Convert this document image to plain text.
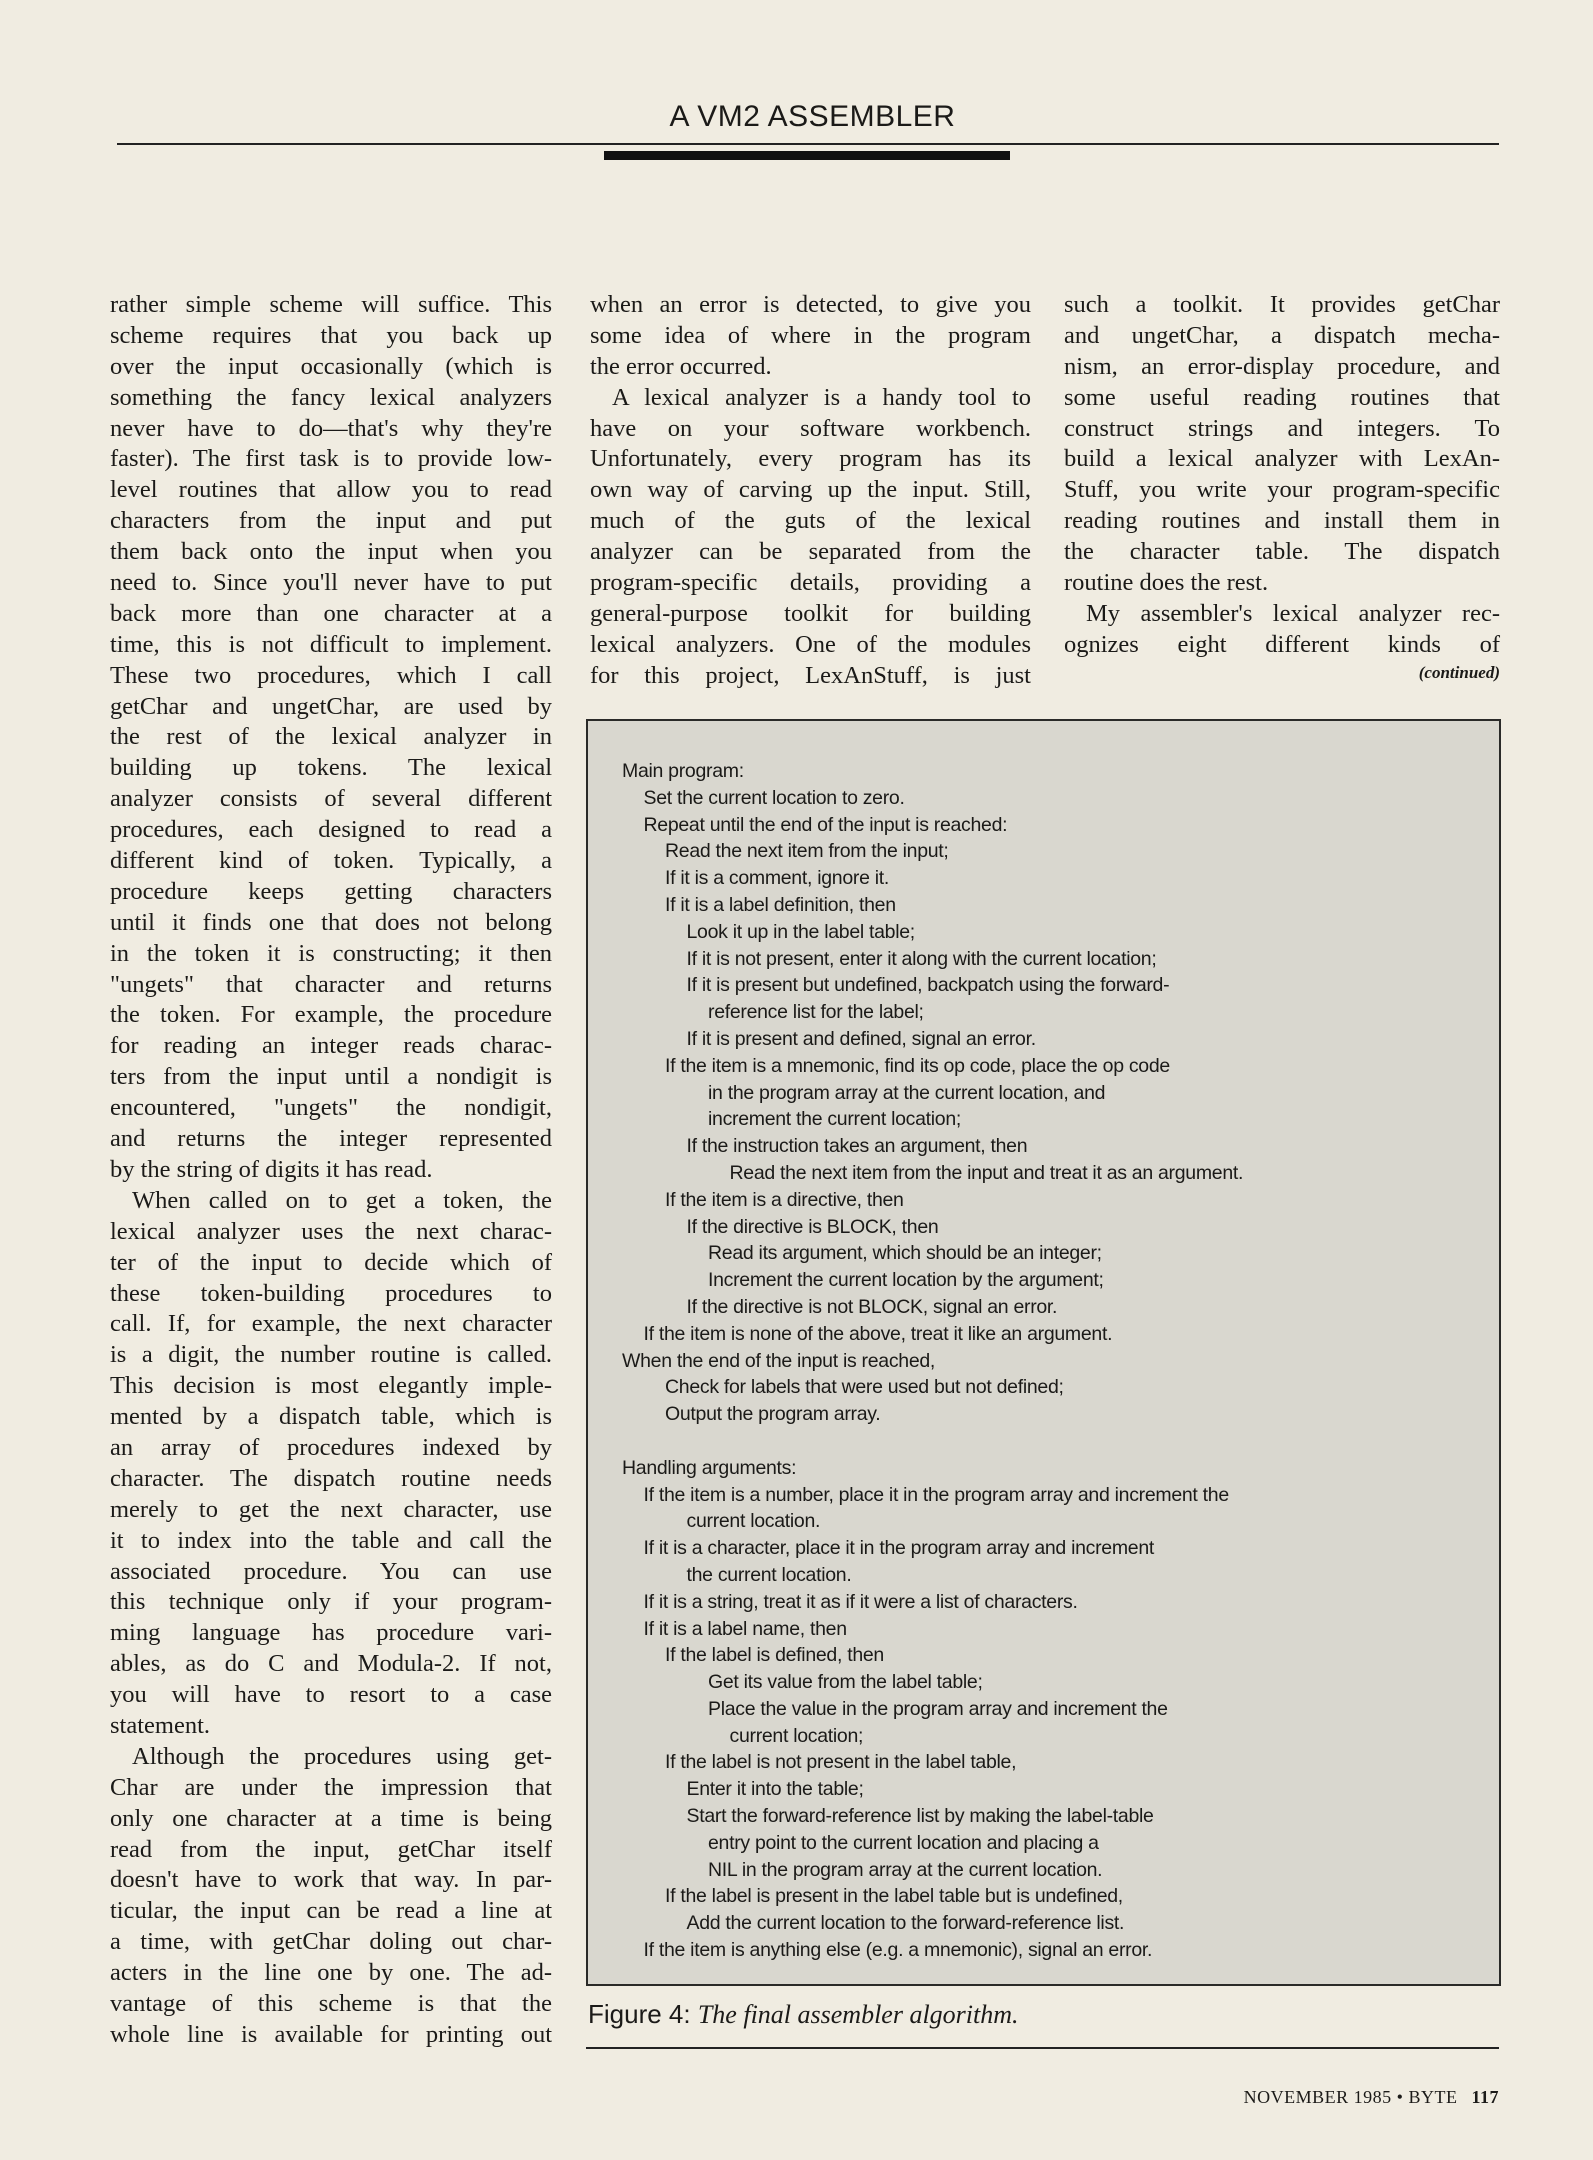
A VM2 ASSEMBLER
rather simple scheme will suffice. This
scheme requires that you back up
over the input occasionally (which is
something the fancy lexical analyzers
never have to do—that's why they're
faster). The first task is to provide low-
level routines that allow you to read
characters from the input and put
them back onto the input when you
need to. Since you'll never have to put
back more than one character at a
time, this is not difficult to implement.
These two procedures, which I call
getChar and ungetChar, are used by
the rest of the lexical analyzer in
building up tokens. The lexical
analyzer consists of several different
procedures, each designed to read a
different kind of token. Typically, a
procedure keeps getting characters
until it finds one that does not belong
in the token it is constructing; it then
"ungets" that character and returns
the token. For example, the procedure
for reading an integer reads charac-
ters from the input until a nondigit is
encountered, "ungets" the nondigit,
and returns the integer represented
by the string of digits it has read.
When called on to get a token, the
lexical analyzer uses the next charac-
ter of the input to decide which of
these token-building procedures to
call. If, for example, the next character
is a digit, the number routine is called.
This decision is most elegantly imple-
mented by a dispatch table, which is
an array of procedures indexed by
character. The dispatch routine needs
merely to get the next character, use
it to index into the table and call the
associated procedure. You can use
this technique only if your program-
ming language has procedure vari-
ables, as do C and Modula-2. If not,
you will have to resort to a case
statement.
Although the procedures using get-
Char are under the impression that
only one character at a time is being
read from the input, getChar itself
doesn't have to work that way. In par-
ticular, the input can be read a line at
a time, with getChar doling out char-
acters in the line one by one. The ad-
vantage of this scheme is that the
whole line is available for printing out
when an error is detected, to give you
some idea of where in the program
the error occurred.
A lexical analyzer is a handy tool to
have on your software workbench.
Unfortunately, every program has its
own way of carving up the input. Still,
much of the guts of the lexical
analyzer can be separated from the
program-specific details, providing a
general-purpose toolkit for building
lexical analyzers. One of the modules
for this project, LexAnStuff, is just
such a toolkit. It provides getChar
and ungetChar, a dispatch mecha-
nism, an error-display procedure, and
some useful reading routines that
construct strings and integers. To
build a lexical analyzer with LexAn-
Stuff, you write your program-specific
reading routines and install them in
the character table. The dispatch
routine does the rest.
My assembler's lexical analyzer rec-
ognizes eight different kinds of
(continued)
Main program:
Set the current location to zero.
Repeat until the end of the input is reached:
Read the next item from the input;
If it is a comment, ignore it.
If it is a label definition, then
Look it up in the label table;
If it is not present, enter it along with the current location;
If it is present but undefined, backpatch using the forward-
reference list for the label;
If it is present and defined, signal an error.
If the item is a mnemonic, find its op code, place the op code
in the program array at the current location, and
increment the current location;
If the instruction takes an argument, then
Read the next item from the input and treat it as an argument.
If the item is a directive, then
If the directive is BLOCK, then
Read its argument, which should be an integer;
Increment the current location by the argument;
If the directive is not BLOCK, signal an error.
If the item is none of the above, treat it like an argument.
When the end of the input is reached,
Check for labels that were used but not defined;
Output the program array.
Handling arguments:
If the item is a number, place it in the program array and increment the
current location.
If it is a character, place it in the program array and increment
the current location.
If it is a string, treat it as if it were a list of characters.
If it is a label name, then
If the label is defined, then
Get its value from the label table;
Place the value in the program array and increment the
current location;
If the label is not present in the label table,
Enter it into the table;
Start the forward-reference list by making the label-table
entry point to the current location and placing a
NIL in the program array at the current location.
If the label is present in the label table but is undefined,
Add the current location to the forward-reference list.
If the item is anything else (e.g. a mnemonic), signal an error.
Figure 4: The final assembler algorithm.
NOVEMBER 1985 • BYTE 117
